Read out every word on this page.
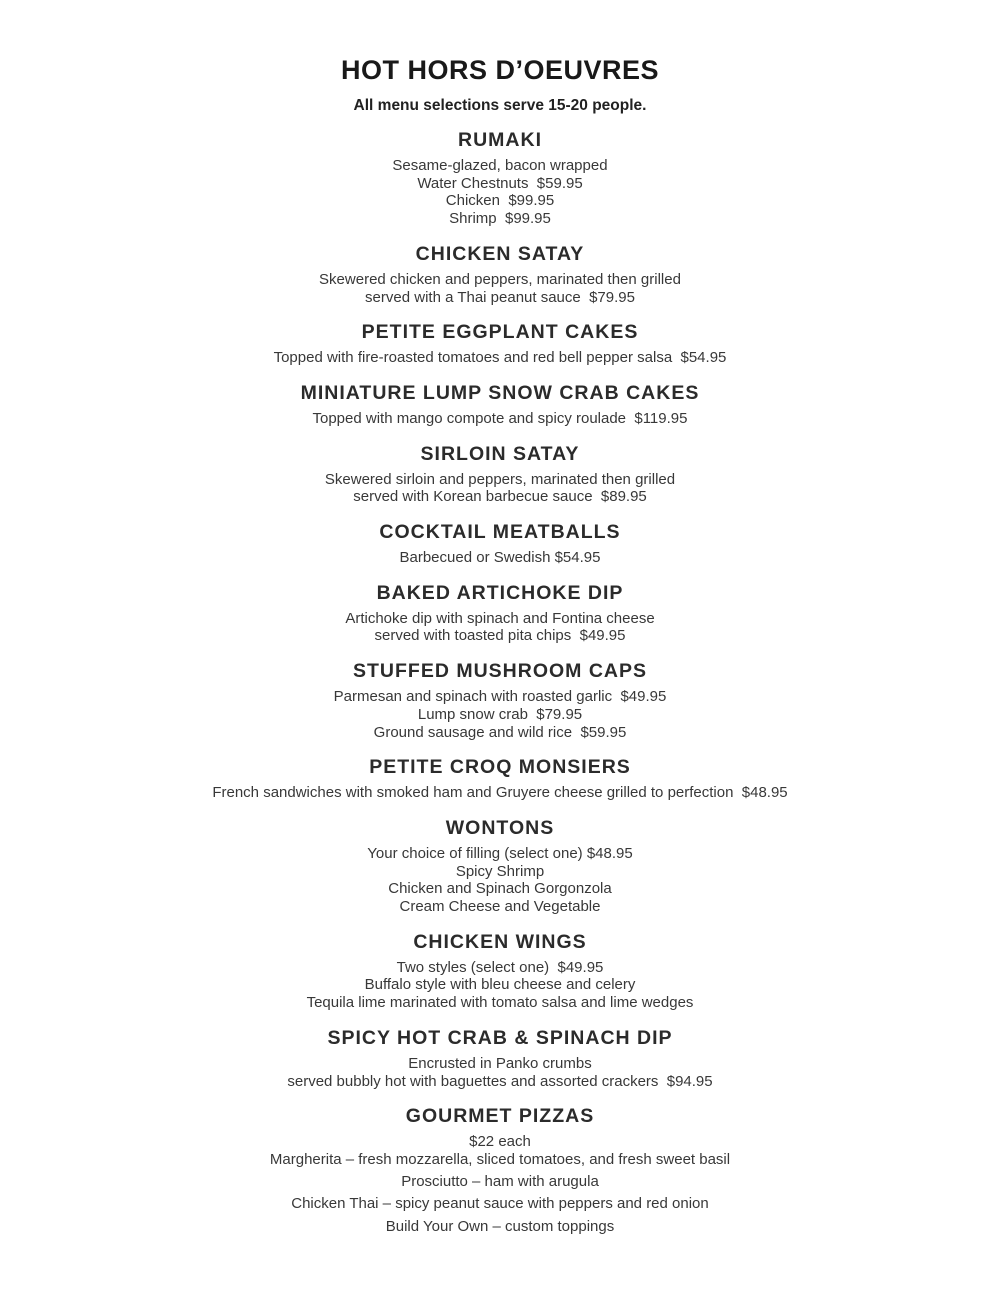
HOT HORS D’OEUVRES
All menu selections serve 15-20 people.
RUMAKI
Sesame-glazed, bacon wrapped
Water Chestnuts  $59.95
Chicken  $99.95
Shrimp  $99.95
CHICKEN SATAY
Skewered chicken and peppers, marinated then grilled
served with a Thai peanut sauce  $79.95
PETITE EGGPLANT CAKES
Topped with fire-roasted tomatoes and red bell pepper salsa  $54.95
MINIATURE LUMP SNOW CRAB CAKES
Topped with mango compote and spicy roulade  $119.95
SIRLOIN SATAY
Skewered sirloin and peppers, marinated then grilled
served with Korean barbecue sauce  $89.95
COCKTAIL MEATBALLS
Barbecued or Swedish $54.95
BAKED ARTICHOKE DIP
Artichoke dip with spinach and Fontina cheese
served with toasted pita chips  $49.95
STUFFED MUSHROOM CAPS
Parmesan and spinach with roasted garlic  $49.95
Lump snow crab  $79.95
Ground sausage and wild rice  $59.95
PETITE CROQ MONSIERS
French sandwiches with smoked ham and Gruyere cheese grilled to perfection  $48.95
WONTONS
Your choice of filling (select one) $48.95
Spicy Shrimp
Chicken and Spinach Gorgonzola
Cream Cheese and Vegetable
CHICKEN WINGS
Two styles (select one)  $49.95
Buffalo style with bleu cheese and celery
Tequila lime marinated with tomato salsa and lime wedges
SPICY HOT CRAB & SPINACH DIP
Encrusted in Panko crumbs
served bubbly hot with baguettes and assorted crackers  $94.95
GOURMET PIZZAS
$22 each
Margherita – fresh mozzarella, sliced tomatoes, and fresh sweet basil
Prosciutto – ham with arugula
Chicken Thai – spicy peanut sauce with peppers and red onion
Build Your Own – custom toppings
